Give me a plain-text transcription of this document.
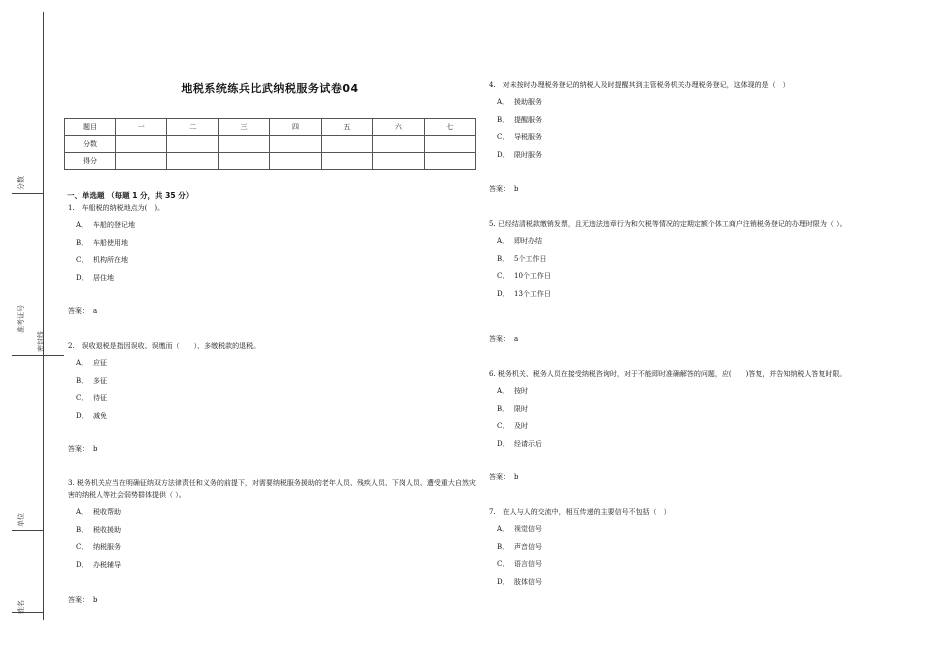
分数
准考证号
密封线
单位
姓名
地税系统练兵比武纳税服务试卷04
题目	一	二	三	四	五	六	七
分数							
得分							
一、单选题 （每题 1 分，共 35 分）
1.　车船税的纳税地点为(　)。
A． 车船的登记地
B． 车船使用地
C． 机构所在地
D． 居住地
答案： a
2.　误收退税是指因误收、误缴而（　　）、多缴税款的退税。
A． 应征
B． 多征
C． 待征
D． 减免
答案： b
3. 税务机关应当在明确征纳双方法律责任和义务的前提下，对需要纳税服务援助的老年人员、残疾人员、下岗人员、遭受重大自然灾害的纳税人等社会弱势群体提供（ ）。
A． 税收帮助
B． 税收援助
C． 纳税服务
D． 办税辅导
答案： b
4.　对未按时办理税务登记的纳税人及时提醒其到主管税务机关办理税务登记，这体现的是（　）
A． 援助服务
B． 提醒服务
C． 导税服务
D． 限时服务
答案： b
5. 已经结清税款缴销发票，且无违法违章行为和欠税等情况的定期定额个体工商户注销税务登记的办理时限为（ ）。
A． 即时办结
B． 5个工作日
C． 10个工作日
D． 13个工作日
答案： a
6. 税务机关、税务人员在接受纳税咨询时，对于不能即时准确解答的问题，应(　　)答复，并告知纳税人答复时限。
A． 按时
B． 限时
C． 及时
D． 经请示后
答案： b
7.　在人与人的交流中，相互传递的主要信号不包括（　）
A． 视觉信号
B． 声音信号
C． 语言信号
D． 肢体信号
